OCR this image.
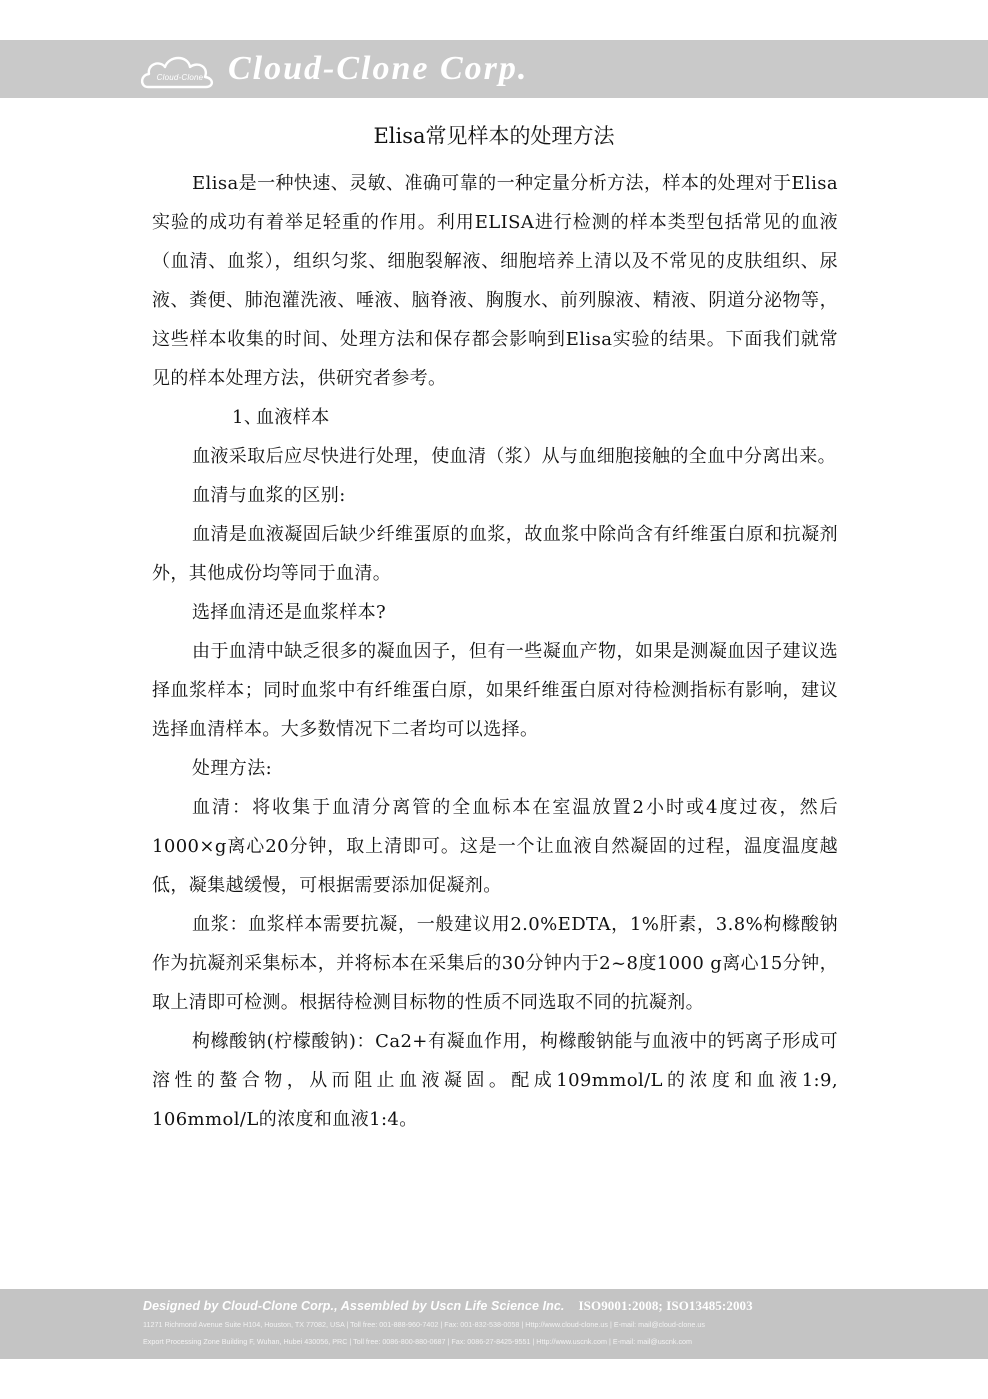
Cloud-Clone Cloud-Clone Corp.
Elisa常见样本的处理方法

Elisa是一种快速、灵敏、准确可靠的一种定量分析方法，样本的处理对于Elisa实验的成功有着举足轻重的作用。利用ELISA进行检测的样本类型包括常见的血液（血清、血浆），组织匀浆、细胞裂解液、细胞培养上清以及不常见的皮肤组织、尿液、粪便、肺泡灌洗液、唾液、脑脊液、胸腹水、前列腺液、精液、阴道分泌物等，这些样本收集的时间、处理方法和保存都会影响到Elisa实验的结果。下面我们就常见的样本处理方法，供研究者参考。

1、血液样本

血液采取后应尽快进行处理，使血清（浆）从与血细胞接触的全血中分离出来。

血清与血浆的区别:

血清是血液凝固后缺少纤维蛋原的血浆，故血浆中除尚含有纤维蛋白原和抗凝剂外，其他成份均等同于血清。

选择血清还是血浆样本?

由于血清中缺乏很多的凝血因子，但有一些凝血产物，如果是测凝血因子建议选择血浆样本；同时血浆中有纤维蛋白原，如果纤维蛋白原对待检测指标有影响，建议选择血清样本。大多数情况下二者均可以选择。

处理方法:

血清：将收集于血清分离管的全血标本在室温放置2小时或4度过夜，然后1000×g离心20分钟，取上清即可。这是一个让血液自然凝固的过程，温度温度越低，凝集越缓慢，可根据需要添加促凝剂。

血浆：血浆样本需要抗凝，一般建议用2.0%EDTA，1%肝素，3.8%枸橼酸钠作为抗凝剂采集标本，并将标本在采集后的30分钟内于2~8度1000 g离心15分钟，取上清即可检测。根据待检测目标物的性质不同选取不同的抗凝剂。

枸橼酸钠(柠檬酸钠)：Ca2+有凝血作用，枸橼酸钠能与血液中的钙离子形成可溶性的螯合物，从而阻止血液凝固。配成109mmol/L的浓度和血液1:9, 106mmol/L的浓度和血液1:4。

Designed by Cloud-Clone Corp., Assembled by Uscn Life Science Inc. ISO9001:2008; ISO13485:2003
11271 Richmond Avenue Suite H104, Houston, TX 77082, USA | Toll free: 001-888-960-7402 | Fax: 001-832-538-0058 | Http://www.cloud-clone.us | E-mail: mail@cloud-clone.us
Export Processing Zone Building F, Wuhan, Hubei 430056, PRC | Toll free: 0086-800-880-0687 | Fax: 0086-27-8425-9551 | Http://www.uscnk.com | E-mail: mail@uscnk.com
